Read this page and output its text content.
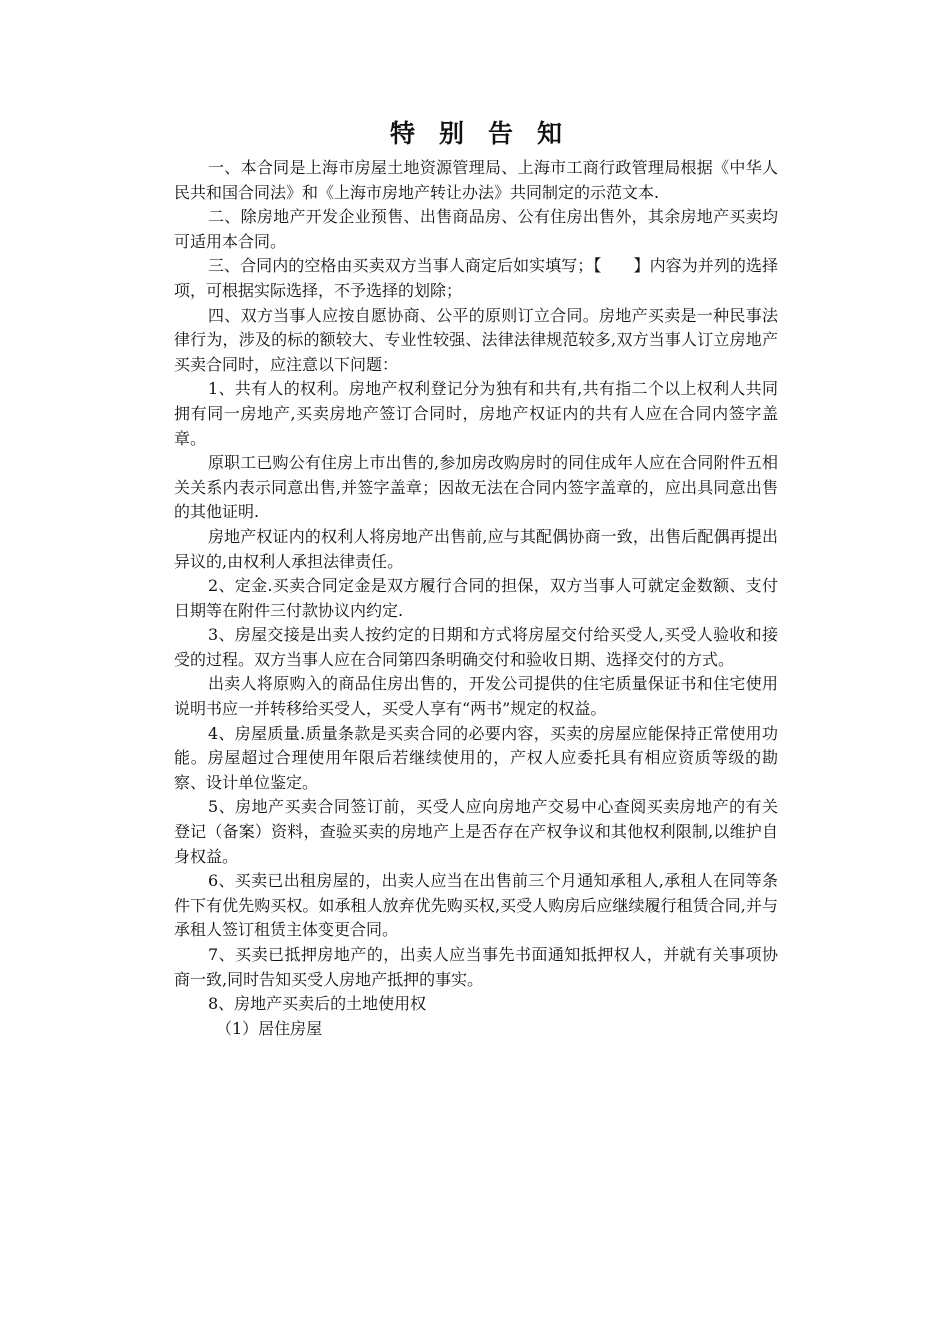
特别告知

一、本合同是上海市房屋土地资源管理局、上海市工商行政管理局根据《中华人民共和国合同法》和《上海市房地产转让办法》共同制定的示范文本.

二、除房地产开发企业预售、出售商品房、公有住房出售外，其余房地产买卖均可适用本合同。

三、合同内的空格由买卖双方当事人商定后如实填写；【　　】内容为并列的选择项，可根据实际选择，不予选择的划除；

四、双方当事人应按自愿协商、公平的原则订立合同。房地产买卖是一种民事法律行为，涉及的标的额较大、专业性较强、法律法律规范较多,双方当事人订立房地产买卖合同时，应注意以下问题：

1、共有人的权利。房地产权利登记分为独有和共有,共有指二个以上权利人共同拥有同一房地产,买卖房地产签订合同时，房地产权证内的共有人应在合同内签字盖章。

原职工已购公有住房上市出售的,参加房改购房时的同住成年人应在合同附件五相关关系内表示同意出售,并签字盖章；因故无法在合同内签字盖章的，应出具同意出售的其他证明.

房地产权证内的权利人将房地产出售前,应与其配偶协商一致，出售后配偶再提出异议的,由权利人承担法律责任。

2、定金.买卖合同定金是双方履行合同的担保，双方当事人可就定金数额、支付日期等在附件三付款协议内约定.

3、房屋交接是出卖人按约定的日期和方式将房屋交付给买受人,买受人验收和接受的过程。双方当事人应在合同第四条明确交付和验收日期、选择交付的方式。

出卖人将原购入的商品住房出售的，开发公司提供的住宅质量保证书和住宅使用说明书应一并转移给买受人，买受人享有“两书”规定的权益。

4、房屋质量.质量条款是买卖合同的必要内容，买卖的房屋应能保持正常使用功能。房屋超过合理使用年限后若继续使用的，产权人应委托具有相应资质等级的勘察、设计单位鉴定。

5、房地产买卖合同签订前，买受人应向房地产交易中心查阅买卖房地产的有关登记（备案）资料，查验买卖的房地产上是否存在产权争议和其他权利限制,以维护自身权益。

6、买卖已出租房屋的，出卖人应当在出售前三个月通知承租人,承租人在同等条件下有优先购买权。如承租人放弃优先购买权,买受人购房后应继续履行租赁合同,并与承租人签订租赁主体变更合同。

7、买卖已抵押房地产的，出卖人应当事先书面通知抵押权人，并就有关事项协商一致,同时告知买受人房地产抵押的事实。

8、房地产买卖后的土地使用权

（1）居住房屋
